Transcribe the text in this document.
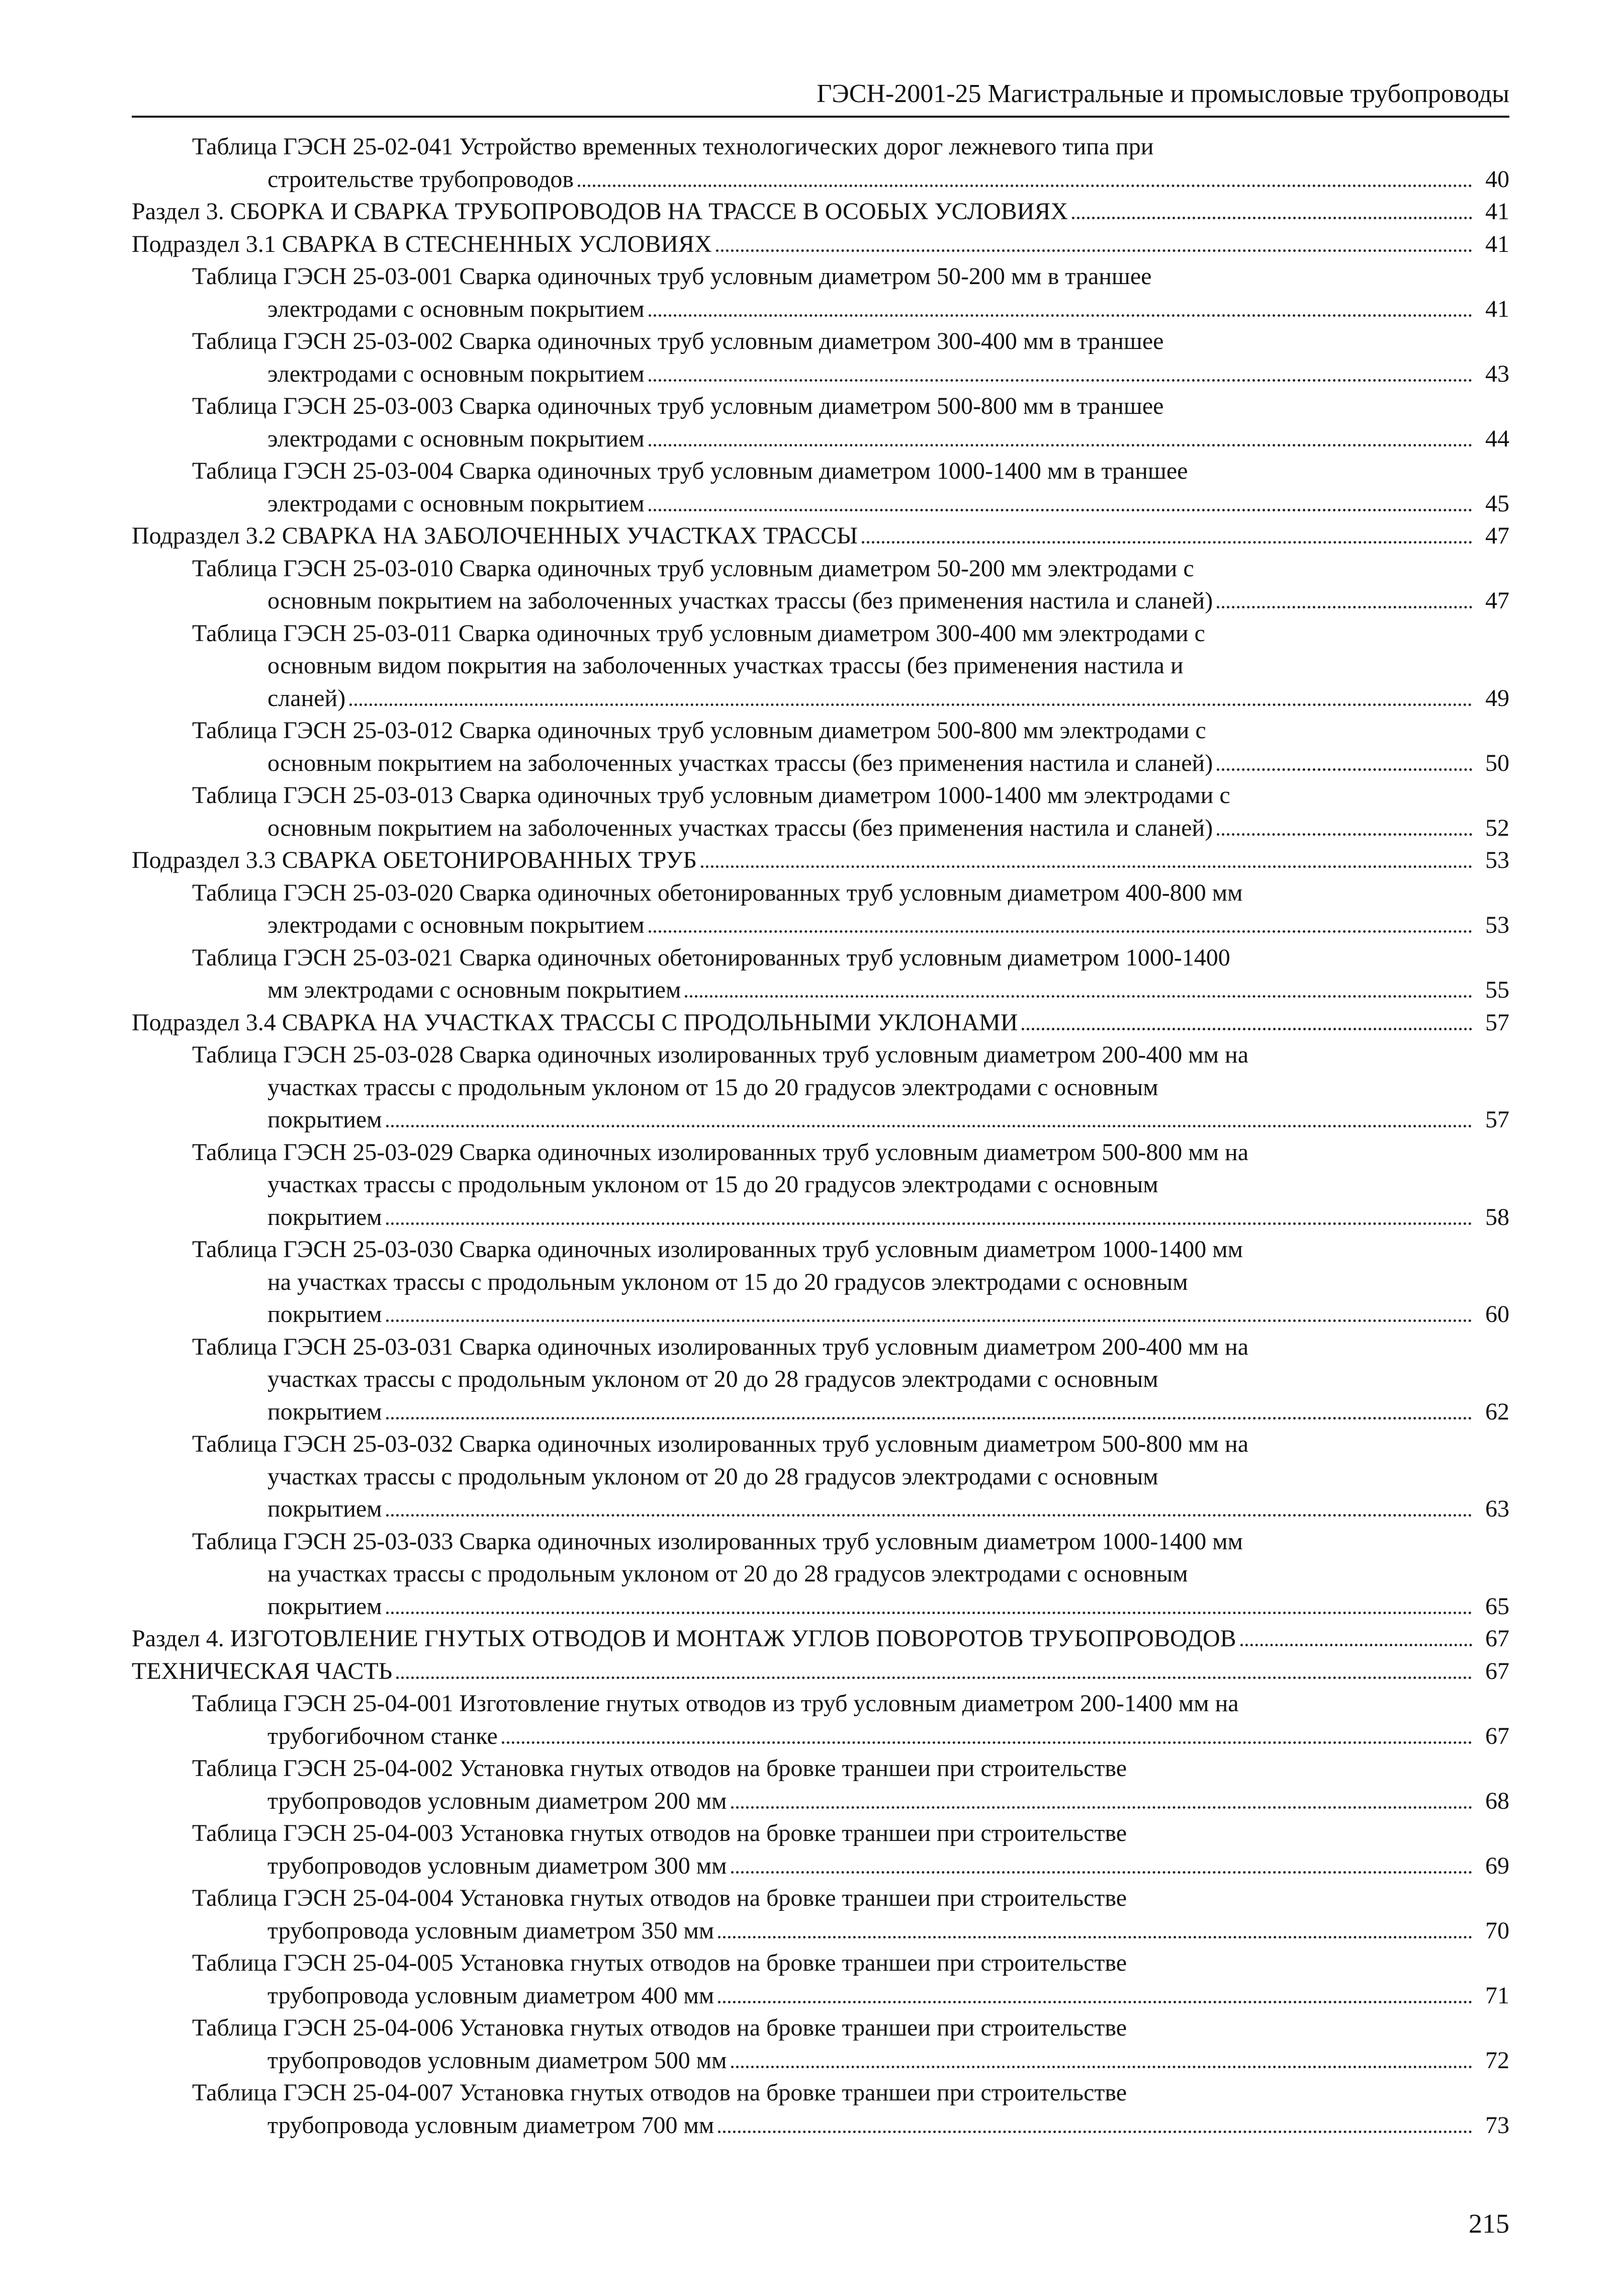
ГЭСН-2001-25 Магистральные и промысловые трубопроводы
Таблица ГЭСН 25-02-041 Устройство временных технологических дорог лежневого типа при
строительстве трубопроводов	40
Раздел 3. СБОРКА И СВАРКА ТРУБОПРОВОДОВ НА ТРАССЕ В ОСОБЫХ УСЛОВИЯХ	41
Подраздел 3.1 СВАРКА В СТЕСНЕННЫХ УСЛОВИЯХ	41
Таблица ГЭСН 25-03-001 Сварка одиночных труб условным диаметром 50-200 мм в траншее
электродами с основным покрытием	41
Таблица ГЭСН 25-03-002 Сварка одиночных труб условным диаметром 300-400 мм в траншее
электродами с основным покрытием	43
Таблица ГЭСН 25-03-003 Сварка одиночных труб условным диаметром 500-800 мм в траншее
электродами с основным покрытием	44
Таблица ГЭСН 25-03-004 Сварка одиночных труб условным диаметром 1000-1400 мм в траншее
электродами с основным покрытием	45
Подраздел 3.2 СВАРКА НА ЗАБОЛОЧЕННЫХ УЧАСТКАХ ТРАССЫ	47
Таблица ГЭСН 25-03-010 Сварка одиночных труб условным диаметром 50-200 мм электродами с
основным покрытием на заболоченных участках трассы (без применения настила и сланей)	47
Таблица ГЭСН 25-03-011 Сварка одиночных труб условным диаметром 300-400 мм электродами с
основным видом покрытия на заболоченных участках трассы (без применения настила и
сланей)	49
Таблица ГЭСН 25-03-012 Сварка одиночных труб условным диаметром 500-800 мм электродами с
основным покрытием на заболоченных участках трассы (без применения настила и сланей)	50
Таблица ГЭСН 25-03-013 Сварка одиночных труб условным диаметром 1000-1400 мм электродами с
основным покрытием на заболоченных участках трассы (без применения настила и сланей)	52
Подраздел 3.3 СВАРКА ОБЕТОНИРОВАННЫХ ТРУБ	53
Таблица ГЭСН 25-03-020 Сварка одиночных обетонированных труб условным диаметром 400-800 мм
электродами с основным покрытием	53
Таблица ГЭСН 25-03-021 Сварка одиночных обетонированных труб условным диаметром 1000-1400
мм электродами с основным покрытием	55
Подраздел 3.4 СВАРКА НА УЧАСТКАХ ТРАССЫ С ПРОДОЛЬНЫМИ УКЛОНАМИ	57
Таблица ГЭСН 25-03-028 Сварка одиночных изолированных труб условным диаметром 200-400 мм на
участках трассы с продольным уклоном от 15 до 20 градусов электродами с основным
покрытием	57
Таблица ГЭСН 25-03-029 Сварка одиночных изолированных труб условным диаметром 500-800 мм на
участках трассы с продольным уклоном от 15 до 20 градусов электродами с основным
покрытием	58
Таблица ГЭСН 25-03-030 Сварка одиночных изолированных труб условным диаметром 1000-1400 мм
на участках трассы с продольным уклоном от 15 до 20 градусов электродами с основным
покрытием	60
Таблица ГЭСН 25-03-031 Сварка одиночных изолированных труб условным диаметром 200-400 мм на
участках трассы с продольным уклоном от 20 до 28 градусов электродами с основным
покрытием	62
Таблица ГЭСН 25-03-032 Сварка одиночных изолированных труб условным диаметром 500-800 мм на
участках трассы с продольным уклоном от 20 до 28 градусов электродами с основным
покрытием	63
Таблица ГЭСН 25-03-033 Сварка одиночных изолированных труб условным диаметром 1000-1400 мм
на участках трассы с продольным уклоном от 20 до 28 градусов электродами с основным
покрытием	65
Раздел 4. ИЗГОТОВЛЕНИЕ ГНУТЫХ ОТВОДОВ И МОНТАЖ УГЛОВ ПОВОРОТОВ ТРУБОПРОВОДОВ	67
ТЕХНИЧЕСКАЯ ЧАСТЬ	67
Таблица ГЭСН 25-04-001 Изготовление гнутых отводов из труб условным диаметром 200-1400 мм на
трубогибочном станке	67
Таблица ГЭСН 25-04-002 Установка гнутых отводов на бровке траншеи при строительстве
трубопроводов условным диаметром 200 мм	68
Таблица ГЭСН 25-04-003 Установка гнутых отводов на бровке траншеи при строительстве
трубопроводов условным диаметром 300 мм	69
Таблица ГЭСН 25-04-004 Установка гнутых отводов на бровке траншеи при строительстве
трубопровода условным диаметром 350 мм	70
Таблица ГЭСН 25-04-005 Установка гнутых отводов на бровке траншеи при строительстве
трубопровода условным диаметром 400 мм	71
Таблица ГЭСН 25-04-006 Установка гнутых отводов на бровке траншеи при строительстве
трубопроводов условным диаметром 500 мм	72
Таблица ГЭСН 25-04-007 Установка гнутых отводов на бровке траншеи при строительстве
трубопровода условным диаметром 700 мм	73
215
